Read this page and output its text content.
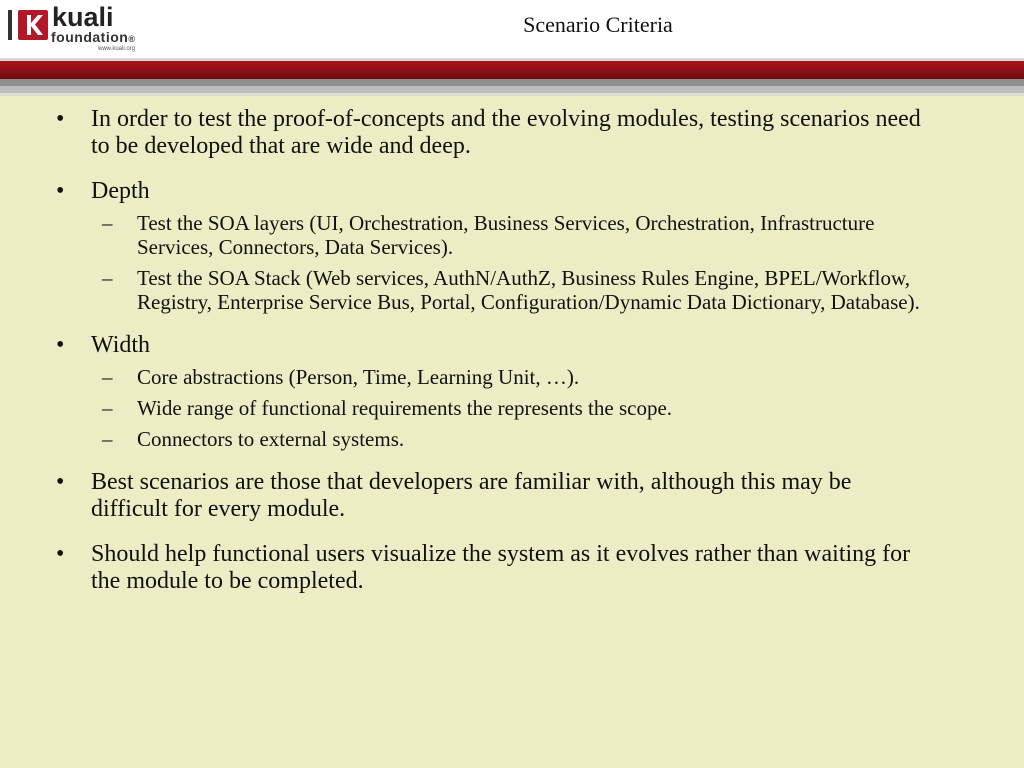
kuali
foundation®
www.kuali.org
Scenario Criteria
• In order to test the proof-of-concepts and the evolving modules, testing scenarios need to be developed that are wide and deep.
• Depth
– Test the SOA layers (UI, Orchestration, Business Services, Orchestration, Infrastructure Services, Connectors, Data Services).
– Test the SOA Stack (Web services, AuthN/AuthZ, Business Rules Engine, BPEL/Workflow, Registry, Enterprise Service Bus, Portal, Configuration/Dynamic Data Dictionary, Database).
• Width
– Core abstractions (Person, Time, Learning Unit, …).
– Wide range of functional requirements the represents the scope.
– Connectors to external systems.
• Best scenarios are those that developers are familiar with, although this may be difficult for every module.
• Should help functional users visualize the system as it evolves rather than waiting for the module to be completed.
